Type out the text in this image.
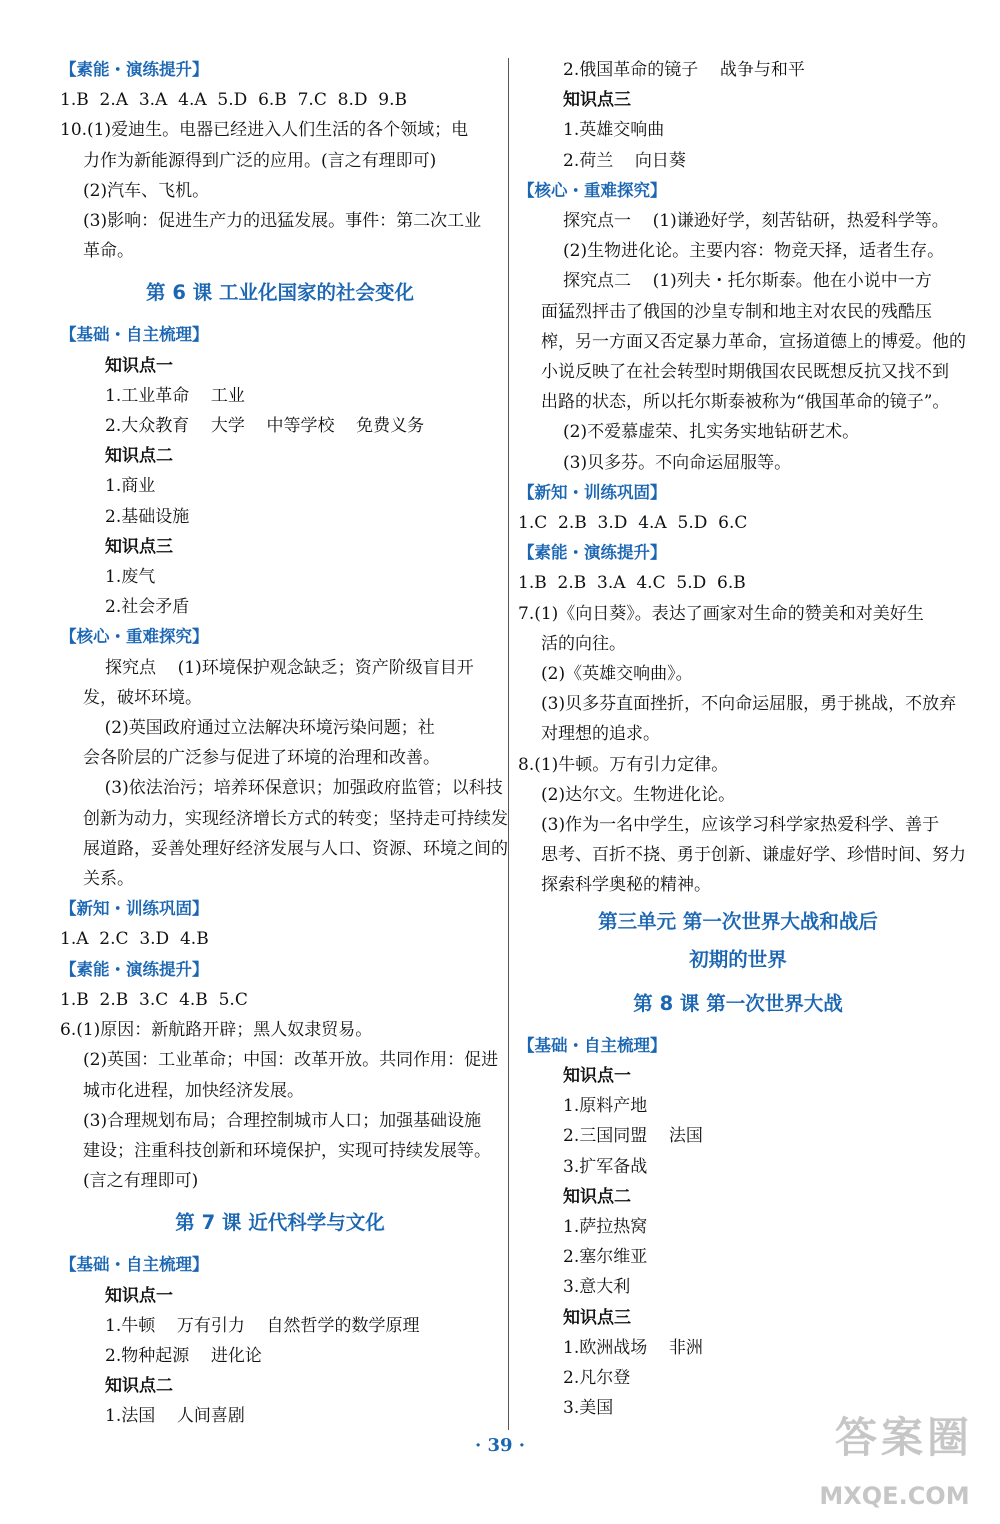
【素能・演练提升】
1.B  2.A  3.A  4.A  5.D  6.B  7.C  8.D  9.B
10.(1)爱迪生。电器已经进入人们生活的各个领域；电
力作为新能源得到广泛的应用。(言之有理即可)
(2)汽车、飞机。
(3)影响：促进生产力的迅猛发展。事件：第二次工业
革命。
第 6 课 工业化国家的社会变化
【基础・自主梳理】
知识点一
1.工业革命    工业
2.大众教育    大学    中等学校    免费义务
知识点二
1.商业
2.基础设施
知识点三
1.废气
2.社会矛盾
【核心・重难探究】
探究点    (1)环境保护观念缺乏；资产阶级盲目开
发，破坏环境。
(2)英国政府通过立法解决环境污染问题；社
会各阶层的广泛参与促进了环境的治理和改善。
(3)依法治污；培养环保意识；加强政府监管；以科技
创新为动力，实现经济增长方式的转变；坚持走可持续发
展道路，妥善处理好经济发展与人口、资源、环境之间的
关系。
【新知・训练巩固】
1.A  2.C  3.D  4.B
【素能・演练提升】
1.B  2.B  3.C  4.B  5.C
6.(1)原因：新航路开辟；黑人奴隶贸易。
(2)英国：工业革命；中国：改革开放。共同作用：促进
城市化进程，加快经济发展。
(3)合理规划布局；合理控制城市人口；加强基础设施
建设；注重科技创新和环境保护，实现可持续发展等。
(言之有理即可)
第 7 课 近代科学与文化
【基础・自主梳理】
知识点一
1.牛顿    万有引力    自然哲学的数学原理
2.物种起源    进化论
知识点二
1.法国    人间喜剧
2.俄国革命的镜子    战争与和平
知识点三
1.英雄交响曲
2.荷兰    向日葵
【核心・重难探究】
探究点一    (1)谦逊好学，刻苦钻研，热爱科学等。
(2)生物进化论。主要内容：物竞天择，适者生存。
探究点二    (1)列夫・托尔斯泰。他在小说中一方
面猛烈抨击了俄国的沙皇专制和地主对农民的残酷压
榨，另一方面又否定暴力革命，宣扬道德上的博爱。他的
小说反映了在社会转型时期俄国农民既想反抗又找不到
出路的状态，所以托尔斯泰被称为“俄国革命的镜子”。
(2)不爱慕虚荣、扎实务实地钻研艺术。
(3)贝多芬。不向命运屈服等。
【新知・训练巩固】
1.C  2.B  3.D  4.A  5.D  6.C
【素能・演练提升】
1.B  2.B  3.A  4.C  5.D  6.B
7.(1)《向日葵》。表达了画家对生命的赞美和对美好生
活的向往。
(2)《英雄交响曲》。
(3)贝多芬直面挫折，不向命运屈服，勇于挑战，不放弃
对理想的追求。
8.(1)牛顿。万有引力定律。
(2)达尔文。生物进化论。
(3)作为一名中学生，应该学习科学家热爱科学、善于
思考、百折不挠、勇于创新、谦虚好学、珍惜时间、努力
探索科学奥秘的精神。
第三单元 第一次世界大战和战后
初期的世界
第 8 课 第一次世界大战
【基础・自主梳理】
知识点一
1.原料产地
2.三国同盟    法国
3.扩军备战
知识点二
1.萨拉热窝
2.塞尔维亚
3.意大利
知识点三
1.欧洲战场    非洲
2.凡尔登
3.美国
· 39 ·	答案圈
MXQE.COM
